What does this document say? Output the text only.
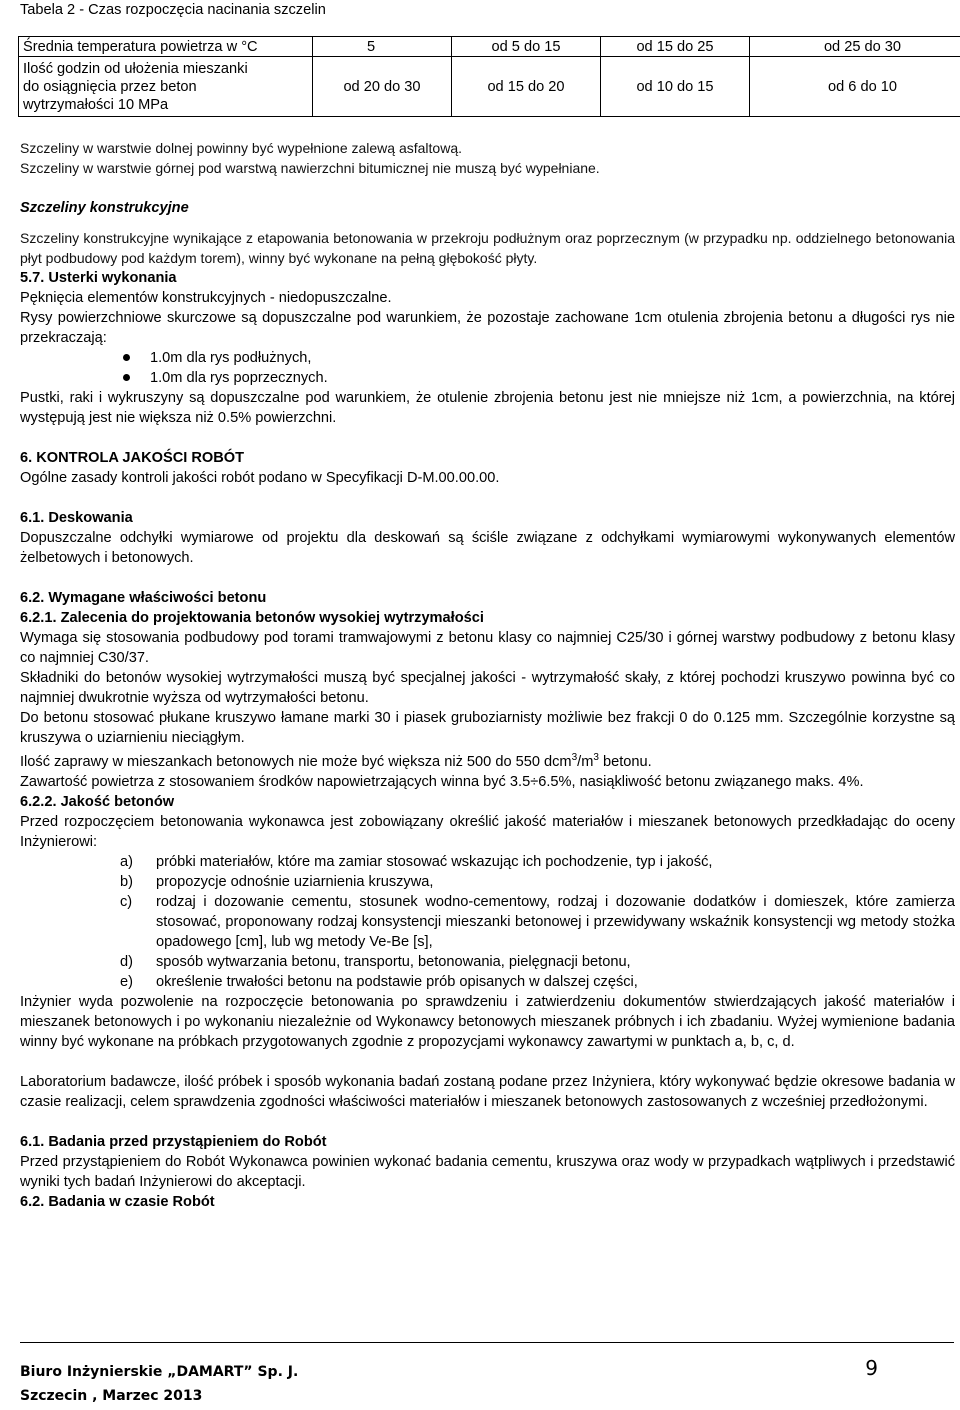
Tabela 2 - Czas rozpoczęcia nacinania szczelin
Średnia temperatura powietrza w °C	5	od 5 do 15	od 15 do 25	od 25 do 30

Ilość godzin od ułożenia mieszanki
do osiągnięcia przez beton
wytrzymałości 10 MPa	od 20 do 30	od 15 do 20	od 10 do 15	od 6 do 10

Szczeliny w warstwie dolnej powinny być wypełnione zalewą asfaltową.

Szczeliny w warstwie górnej pod warstwą nawierzchni bitumicznej nie muszą być wypełniane.

Szczeliny konstrukcyjne

Szczeliny konstrukcyjne wynikające z etapowania betonowania w przekroju podłużnym oraz poprzecznym (w przypadku np. oddzielnego betonowania płyt podbudowy pod każdym torem), winny być wykonane na pełną głębokość płyty.

5.7. Usterki wykonania

Pęknięcia elementów konstrukcyjnych - niedopuszczalne.

Rysy powierzchniowe skurczowe są dopuszczalne pod warunkiem, że pozostaje zachowane 1cm otulenia zbrojenia betonu a długości rys nie przekraczają:

1.0m dla rys podłużnych,
1.0m dla rys poprzecznych.

Pustki, raki i wykruszyny są dopuszczalne pod warunkiem, że otulenie zbrojenia betonu jest nie mniejsze niż 1cm, a powierzchnia, na której występują jest nie większa niż 0.5% powierzchni.

6. KONTROLA JAKOŚCI ROBÓT

Ogólne zasady kontroli jakości robót podano w Specyfikacji D-M.00.00.00.

6.1. Deskowania

Dopuszczalne odchyłki wymiarowe od projektu dla deskowań są ściśle związane z odchyłkami wymiarowymi wykonywanych elementów żelbetowych i betonowych.

6.2. Wymagane właściwości betonu

6.2.1. Zalecenia do projektowania betonów wysokiej wytrzymałości

Wymaga się stosowania podbudowy pod torami tramwajowymi z betonu klasy co najmniej C25/30 i górnej warstwy podbudowy z betonu klasy co najmniej C30/37.

Składniki do betonów wysokiej wytrzymałości muszą być specjalnej jakości - wytrzymałość skały, z której pochodzi kruszywo powinna być co najmniej dwukrotnie wyższa od wytrzymałości betonu.

Do betonu stosować płukane kruszywo łamane marki 30 i piasek gruboziarnisty możliwie bez frakcji 0 do 0.125 mm. Szczególnie korzystne są kruszywa o uziarnieniu nieciągłym.

Ilość zaprawy w mieszankach betonowych nie może być większa niż 500 do 550 $dcm^3/m^3$ betonu.

Zawartość powietrza z stosowaniem środków napowietrzających winna być 3.5÷6.5%, nasiąkliwość betonu związanego maks. 4%.

6.2.2. Jakość betonów

Przed rozpoczęciem betonowania wykonawca jest zobowiązany określić jakość materiałów i mieszanek betonowych przedkładając do oceny Inżynierowi:

a) próbki materiałów, które ma zamiar stosować wskazując ich pochodzenie, typ i jakość,
b) propozycje odnośnie uziarnienia kruszywa,
c) rodzaj i dozowanie cementu, stosunek wodno-cementowy, rodzaj i dozowanie dodatków i domieszek, które zamierza stosować, proponowany rodzaj konsystencji mieszanki betonowej i przewidywany wskaźnik konsystencji wg metody stożka opadowego [cm], lub wg metody Ve-Be [s],
d) sposób wytwarzania betonu, transportu, betonowania, pielęgnacji betonu,
e) określenie trwałości betonu na podstawie prób opisanych w dalszej części,

Inżynier wyda pozwolenie na rozpoczęcie betonowania po sprawdzeniu i zatwierdzeniu dokumentów stwierdzających jakość materiałów i mieszanek betonowych i po wykonaniu niezależnie od Wykonawcy betonowych mieszanek próbnych i ich zbadaniu. Wyżej wymienione badania winny być wykonane na próbkach przygotowanych zgodnie z propozycjami wykonawcy zawartymi w punktach a, b, c, d.

Laboratorium badawcze, ilość próbek i sposób wykonania badań zostaną podane przez Inżyniera, który wykonywać będzie okresowe badania w czasie realizacji, celem sprawdzenia zgodności właściwości materiałów i mieszanek betonowych zastosowanych z wcześniej przedłożonymi.

6.1. Badania przed przystąpieniem do Robót

Przed przystąpieniem do Robót Wykonawca powinien wykonać badania cementu, kruszywa oraz wody w przypadkach wątpliwych i przedstawić wyniki tych badań Inżynierowi do akceptacji.

6.2. Badania w czasie Robót

Biuro Inżynierskie „DAMART” Sp. J.
Szczecin , Marzec 2013
9
